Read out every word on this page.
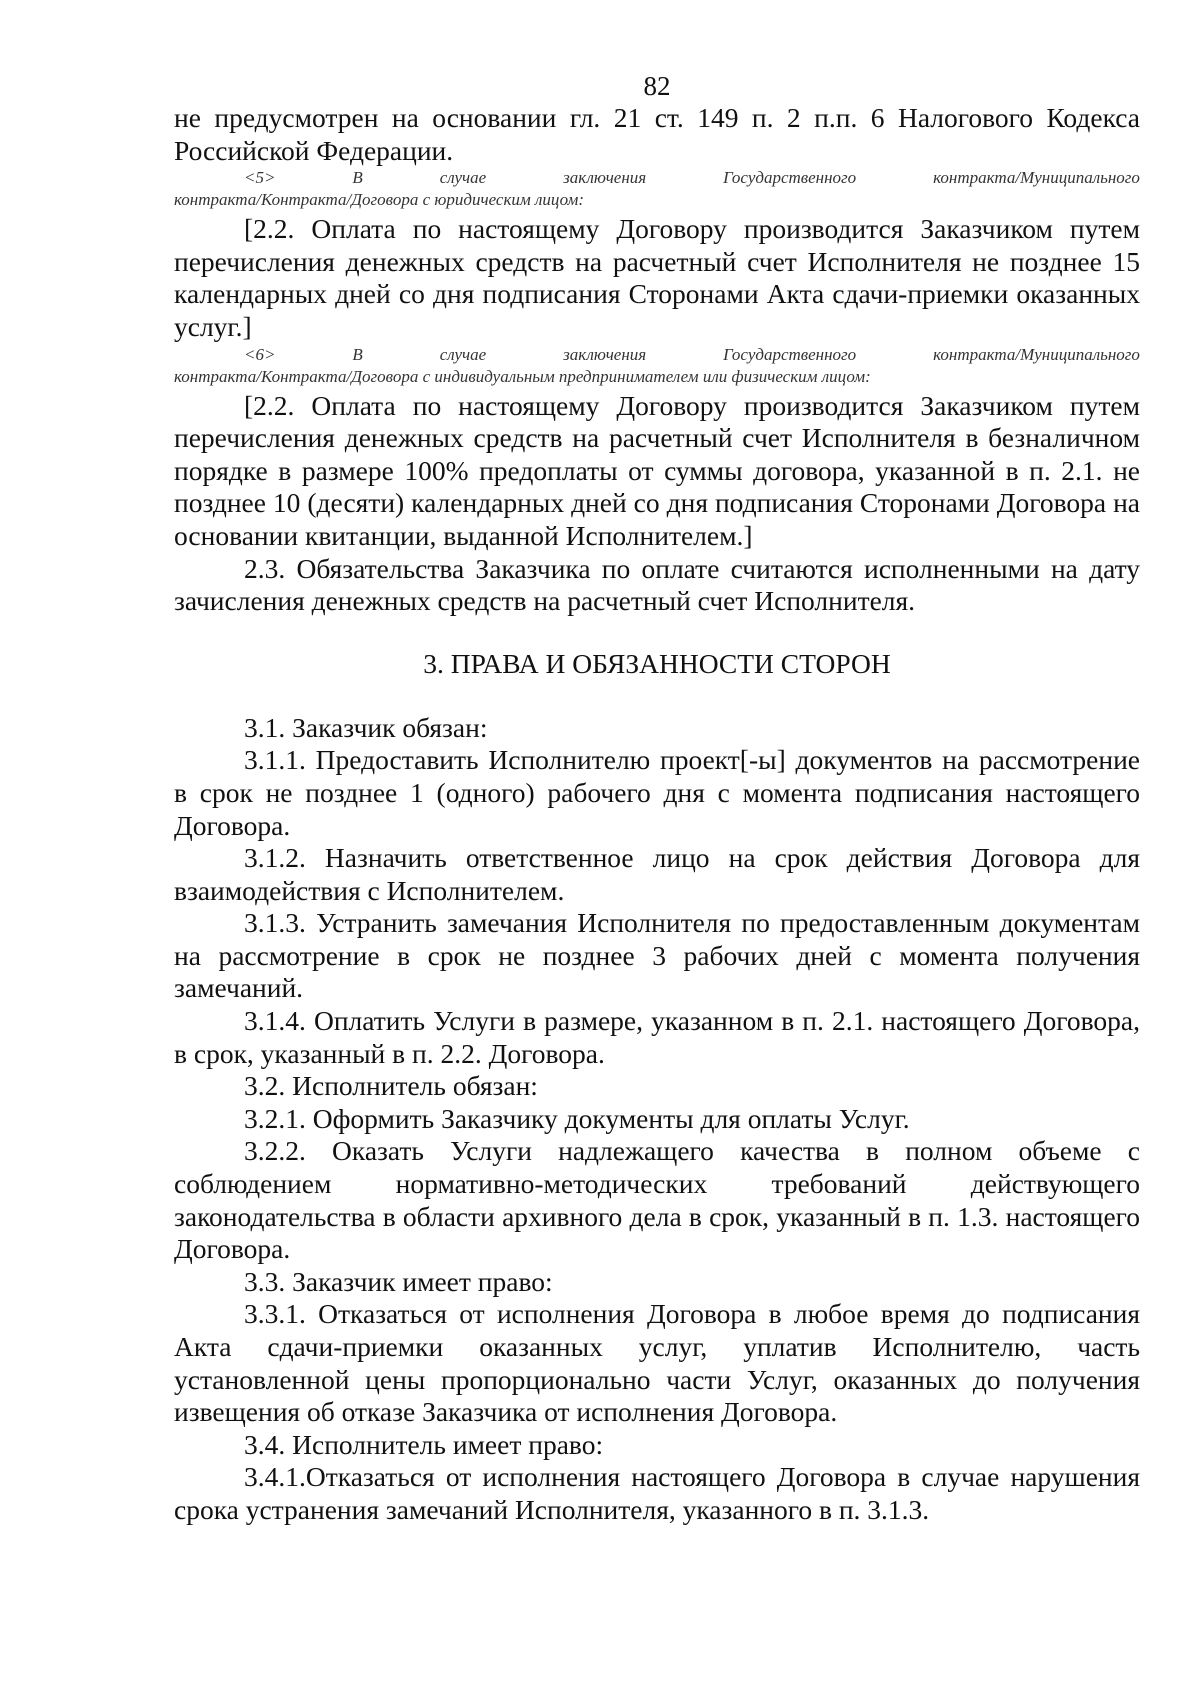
82

не предусмотрен на основании гл. 21 ст. 149 п. 2 п.п. 6 Налогового Кодекса Российской Федерации.

<5>	В	случае	заключения	Государственного	контракта/Муниципального
контракта/Контракта/Договора с юридическим лицом:

[2.2. Оплата по настоящему Договору производится Заказчиком путем перечисления денежных средств на расчетный счет Исполнителя не позднее 15 календарных дней со дня подписания Сторонами Акта сдачи-приемки оказанных услуг.]

<6>	В	случае	заключения	Государственного	контракта/Муниципального
контракта/Контракта/Договора с индивидуальным предпринимателем или физическим лицом:

[2.2. Оплата по настоящему Договору производится Заказчиком путем перечисления денежных средств на расчетный счет Исполнителя в безналичном порядке в размере 100% предоплаты от суммы договора, указанной в п. 2.1. не позднее 10 (десяти) календарных дней со дня подписания Сторонами Договора на основании квитанции, выданной Исполнителем.]

2.3. Обязательства Заказчика по оплате считаются исполненными на дату зачисления денежных средств на расчетный счет Исполнителя.

3. ПРАВА И ОБЯЗАННОСТИ СТОРОН

3.1. Заказчик обязан:

3.1.1. Предоставить Исполнителю проект[-ы] документов на рассмотрение в срок не позднее 1 (одного) рабочего дня с момента подписания настоящего Договора.

3.1.2. Назначить ответственное лицо на срок действия Договора для взаимодействия с Исполнителем.

3.1.3. Устранить замечания Исполнителя по предоставленным документам на рассмотрение в срок не позднее 3 рабочих дней с момента получения замечаний.

3.1.4. Оплатить Услуги в размере, указанном в п. 2.1. настоящего Договора, в срок, указанный в п. 2.2. Договора.

3.2. Исполнитель обязан:

3.2.1. Оформить Заказчику документы для оплаты Услуг.

3.2.2. Оказать Услуги надлежащего качества в полном объеме с соблюдением нормативно-методических требований действующего законодательства в области архивного дела в срок, указанный в п. 1.3. настоящего Договора.

3.3. Заказчик имеет право:

3.3.1. Отказаться от исполнения Договора в любое время до подписания Акта сдачи-приемки оказанных услуг, уплатив Исполнителю, часть установленной цены пропорционально части Услуг, оказанных до получения извещения об отказе Заказчика от исполнения Договора.

3.4. Исполнитель имеет право:

3.4.1.Отказаться от исполнения настоящего Договора в случае нарушения срока устранения замечаний Исполнителя, указанного в п. 3.1.3.
